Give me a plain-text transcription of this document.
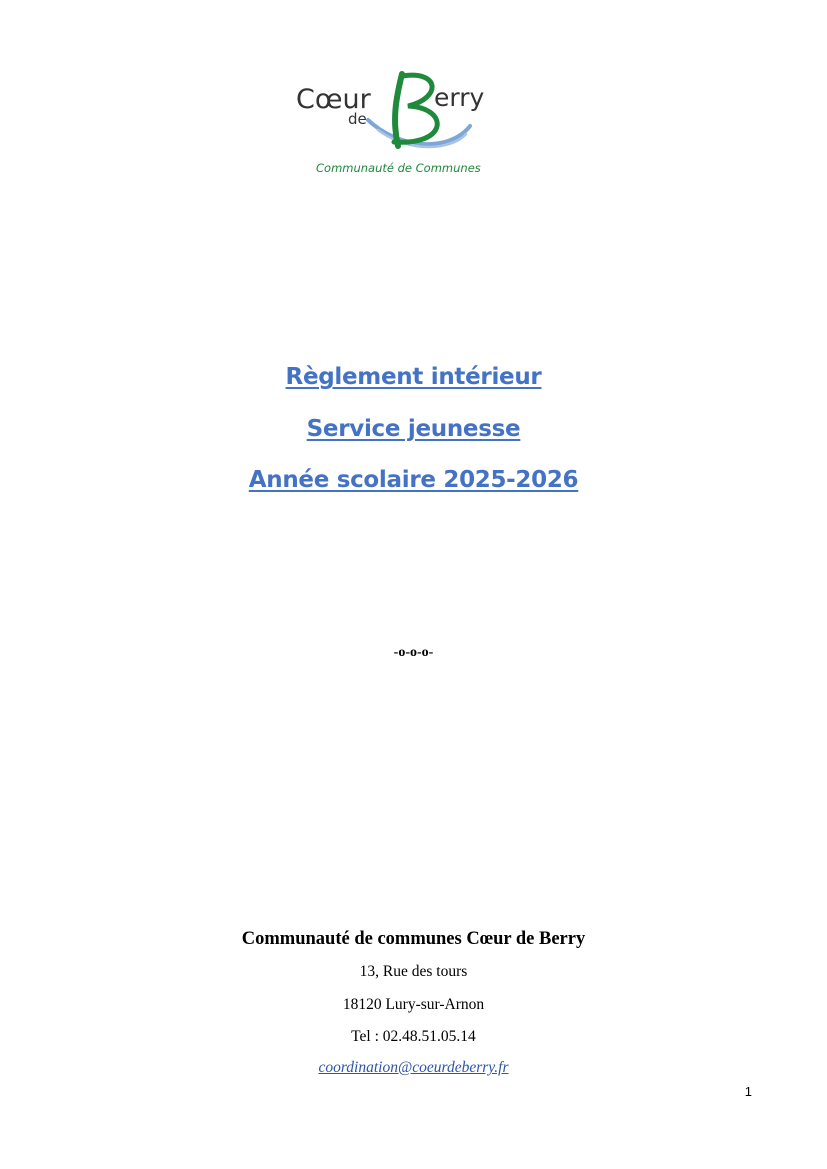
Cœur
de
erry
Communauté de Communes
Règlement intérieur
Service jeunesse
Année scolaire 2025-2026
-o-o-o-
Communauté de communes Cœur de Berry
13, Rue des tours
18120 Lury-sur-Arnon
Tel : 02.48.51.05.14
coordination@coeurdeberry.fr
1
